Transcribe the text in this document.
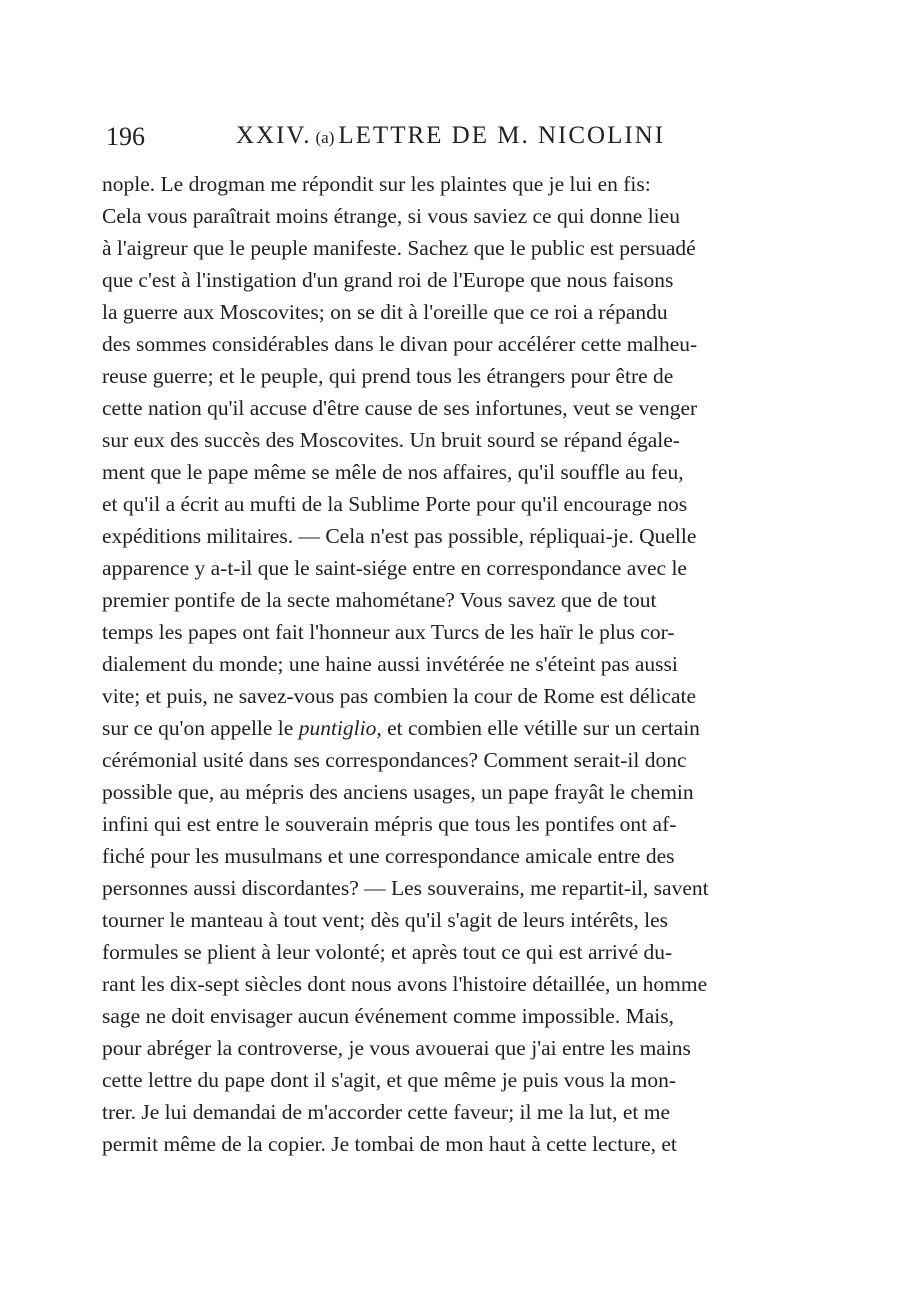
196	XXIV. (a) LETTRE DE M. NICOLINI
nople. Le drogman me répondit sur les plaintes que je lui en fis:
Cela vous paraîtrait moins étrange, si vous saviez ce qui donne lieu
à l'aigreur que le peuple manifeste. Sachez que le public est persuadé
que c'est à l'instigation d'un grand roi de l'Europe que nous faisons
la guerre aux Moscovites; on se dit à l'oreille que ce roi a répandu
des sommes considérables dans le divan pour accélérer cette malheu-
reuse guerre; et le peuple, qui prend tous les étrangers pour être de
cette nation qu'il accuse d'être cause de ses infortunes, veut se venger
sur eux des succès des Moscovites. Un bruit sourd se répand égale-
ment que le pape même se mêle de nos affaires, qu'il souffle au feu,
et qu'il a écrit au mufti de la Sublime Porte pour qu'il encourage nos
expéditions militaires. — Cela n'est pas possible, répliquai-je. Quelle
apparence y a-t-il que le saint-siége entre en correspondance avec le
premier pontife de la secte mahométane? Vous savez que de tout
temps les papes ont fait l'honneur aux Turcs de les haïr le plus cor-
dialement du monde; une haine aussi invétérée ne s'éteint pas aussi
vite; et puis, ne savez-vous pas combien la cour de Rome est délicate
sur ce qu'on appelle le puntiglio, et combien elle vétille sur un certain
cérémonial usité dans ses correspondances? Comment serait-il donc
possible que, au mépris des anciens usages, un pape frayât le chemin
infini qui est entre le souverain mépris que tous les pontifes ont af-
fiché pour les musulmans et une correspondance amicale entre des
personnes aussi discordantes? — Les souverains, me repartit-il, savent
tourner le manteau à tout vent; dès qu'il s'agit de leurs intérêts, les
formules se plient à leur volonté; et après tout ce qui est arrivé du-
rant les dix-sept siècles dont nous avons l'histoire détaillée, un homme
sage ne doit envisager aucun événement comme impossible. Mais,
pour abréger la controverse, je vous avouerai que j'ai entre les mains
cette lettre du pape dont il s'agit, et que même je puis vous la mon-
trer. Je lui demandai de m'accorder cette faveur; il me la lut, et me
permit même de la copier. Je tombai de mon haut à cette lecture, et
